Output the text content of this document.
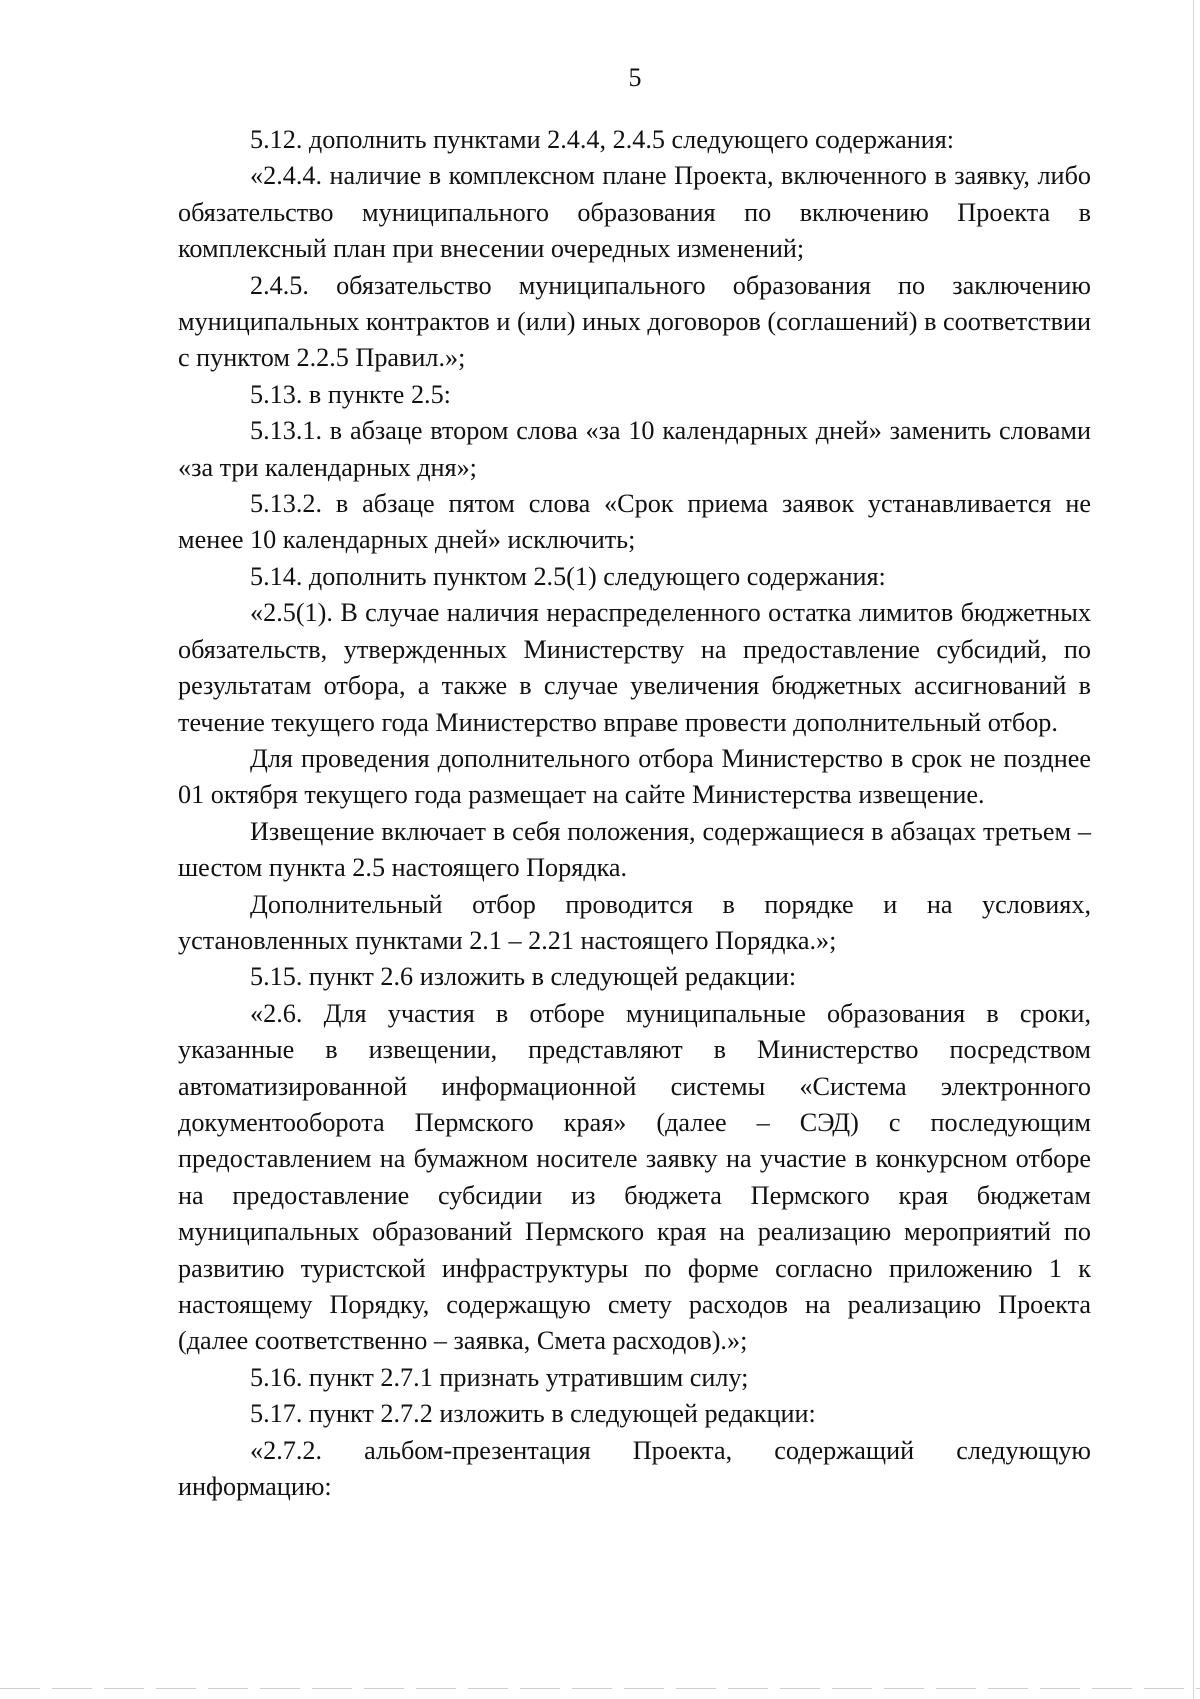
5

5.12. дополнить пунктами 2.4.4, 2.4.5 следующего содержания:

«2.4.4. наличие в комплексном плане Проекта, включенного в заявку, либо обязательство муниципального образования по включению Проекта в комплексный план при внесении очередных изменений;

2.4.5. обязательство муниципального образования по заключению муниципальных контрактов и (или) иных договоров (соглашений) в соответствии с пунктом 2.2.5 Правил.»;

5.13. в пункте 2.5:

5.13.1. в абзаце втором слова «за 10 календарных дней» заменить словами «за три календарных дня»;

5.13.2. в абзаце пятом слова «Срок приема заявок устанавливается не менее 10 календарных дней» исключить;

5.14. дополнить пунктом 2.5(1) следующего содержания:

«2.5(1). В случае наличия нераспределенного остатка лимитов бюджетных обязательств, утвержденных Министерству на предоставление субсидий, по результатам отбора, а также в случае увеличения бюджетных ассигнований в течение текущего года Министерство вправе провести дополнительный отбор.

Для проведения дополнительного отбора Министерство в срок не позднее 01 октября текущего года размещает на сайте Министерства извещение.

Извещение включает в себя положения, содержащиеся в абзацах третьем – шестом пункта 2.5 настоящего Порядка.

Дополнительный отбор проводится в порядке и на условиях, установленных пунктами 2.1 – 2.21 настоящего Порядка.»;

5.15. пункт 2.6 изложить в следующей редакции:

«2.6. Для участия в отборе муниципальные образования в сроки, указанные в извещении, представляют в Министерство посредством автоматизированной информационной системы «Система электронного документооборота Пермского края» (далее – СЭД) с последующим предоставлением на бумажном носителе заявку на участие в конкурсном отборе на предоставление субсидии из бюджета Пермского края бюджетам муниципальных образований Пермского края на реализацию мероприятий по развитию туристской инфраструктуры по форме согласно приложению 1 к настоящему Порядку, содержащую смету расходов на реализацию Проекта (далее соответственно – заявка, Смета расходов).»;

5.16. пункт 2.7.1 признать утратившим силу;

5.17. пункт 2.7.2 изложить в следующей редакции:

«2.7.2. альбом-презентация Проекта, содержащий следующую информацию:
